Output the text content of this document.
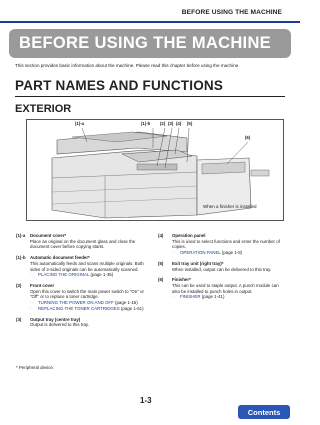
BEFORE USING THE MACHINE
BEFORE USING THE MACHINE
This section provides basic information about the machine. Please read this chapter before using the machine.
PART NAMES AND FUNCTIONS
EXTERIOR
(1)-a	(1)-b (2) (3) (4) (5)
(6)
When a finisher is installed
(1)-a	Document cover*
Place an original on the document glass and close the document cover before copying starts.
(1)-b	Automatic document feeder*
This automatically feeds and scans multiple originals. Both sides of 2-sided originals can be automatically scanned.
☞ PLACING THE ORIGINAL (page 1-35)
(2)	Front cover
Open this cover to switch the main power switch to "On" or "Off" or to replace a toner cartridge.
☞ TURNING THE POWER ON AND OFF (page 1-15)
☞ REPLACING THE TONER CARTRIDGES (page 1-61)
(3)	Output tray (centre tray)
Output is delivered to this tray.
(4)	Operation panel
This is used to select functions and enter the number of copies.
☞ OPERATION PANEL (page 1-8)
(5)	Exit tray unit (right tray)*
When installed, output can be delivered to this tray.
(6)	Finisher*
This can be used to staple output. A punch module can also be installed to punch holes in output.
☞ FINISHER (page 1-41)
* Peripheral device.
1-3
Contents
